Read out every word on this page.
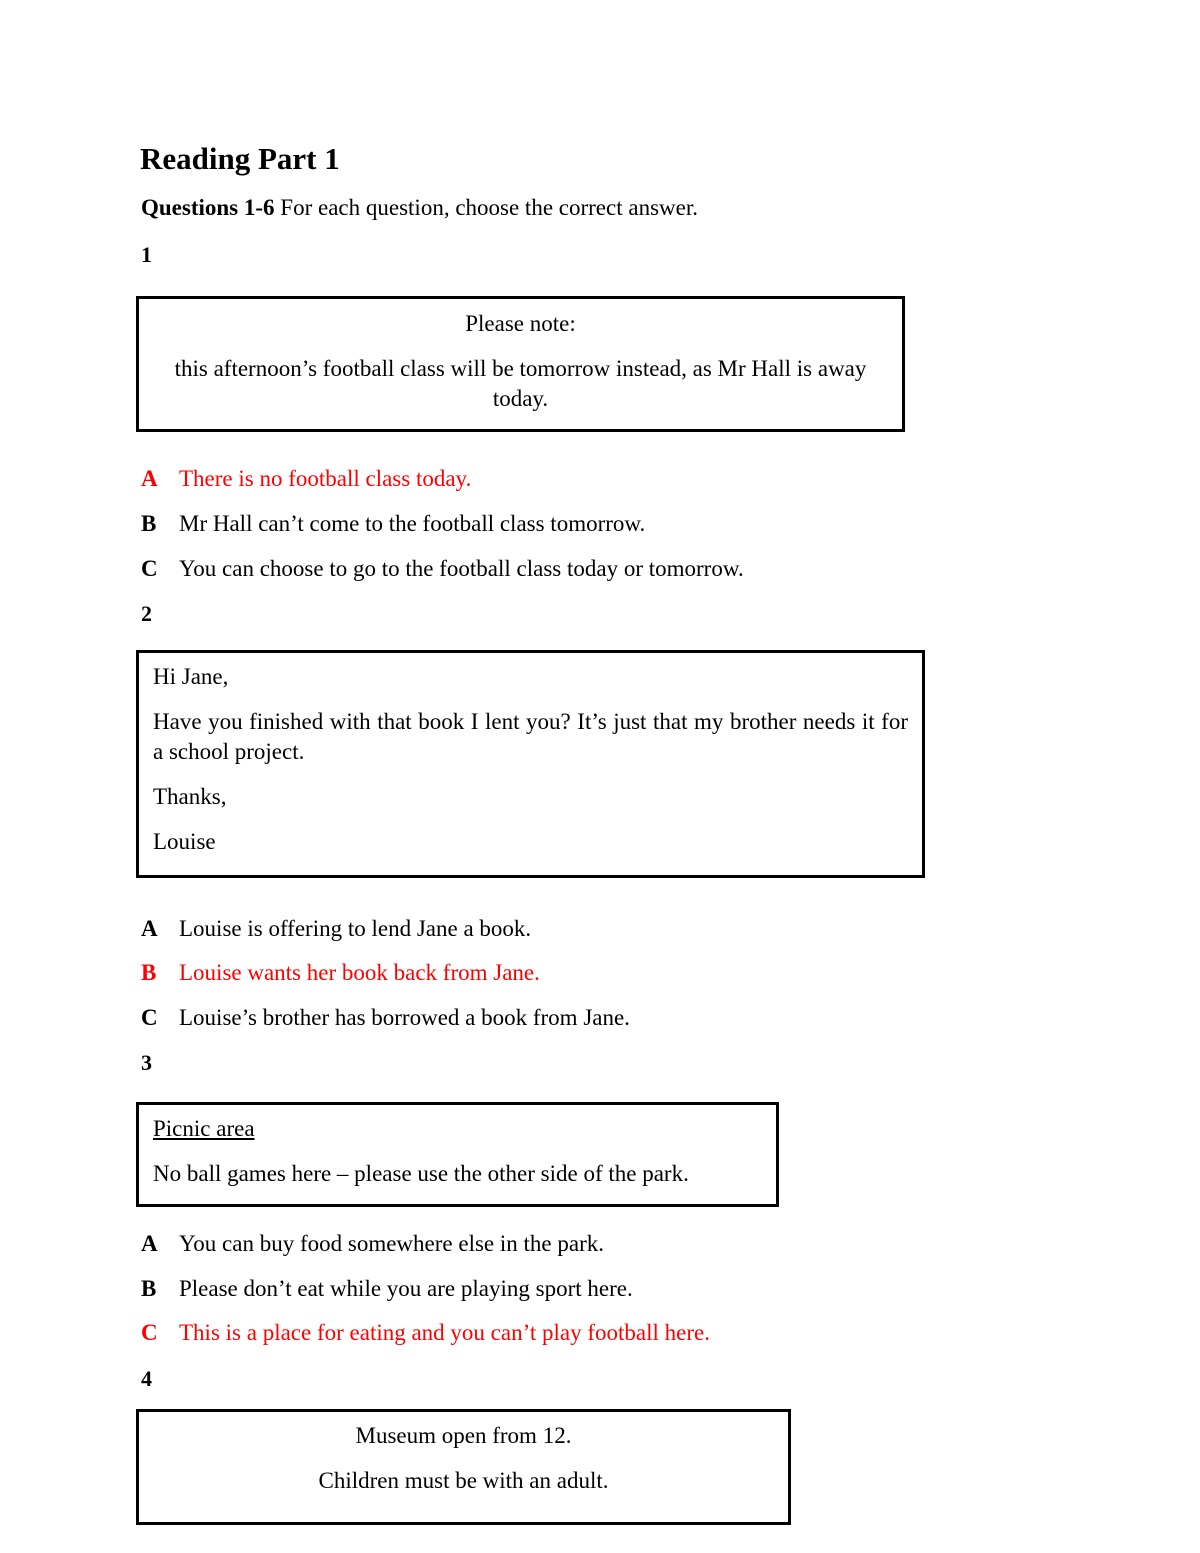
Reading Part 1
Questions 1-6 For each question, choose the correct answer.
1

Please note:

this afternoon’s football class will be tomorrow instead, as Mr Hall is away today.

A There is no football class today.
B Mr Hall can’t come to the football class tomorrow.
C You can choose to go to the football class today or tomorrow.
2

Hi Jane,

Have you finished with that book I lent you? It’s just that my brother needs it for a school project.

Thanks,

Louise

A Louise is offering to lend Jane a book.
B Louise wants her book back from Jane.
C Louise’s brother has borrowed a book from Jane.
3

Picnic area

No ball games here – please use the other side of the park.

A You can buy food somewhere else in the park.
B Please don’t eat while you are playing sport here.
C This is a place for eating and you can’t play football here.
4

Museum open from 12.

Children must be with an adult.
